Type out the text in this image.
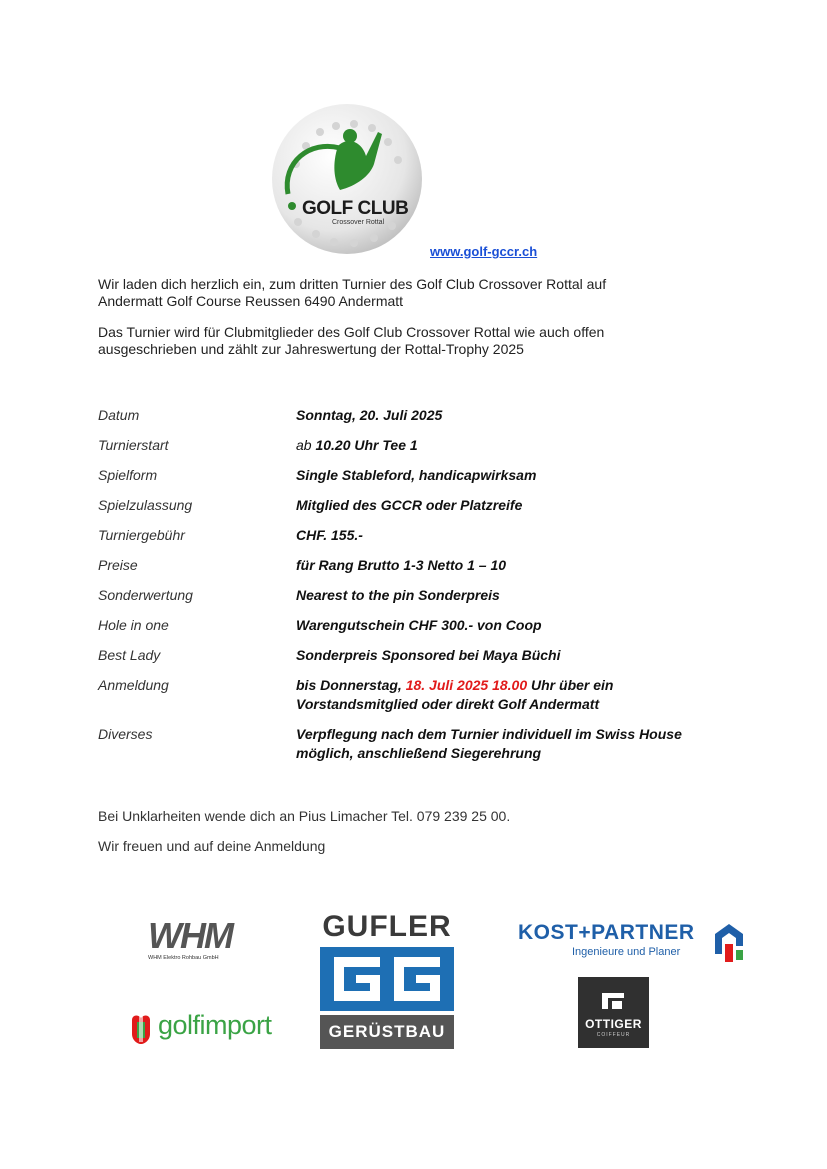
GOLF CLUB
Crossover Rottal
www.golf-gccr.ch
Wir laden dich herzlich ein, zum dritten Turnier des Golf Club Crossover Rottal auf
Andermatt Golf Course Reussen 6490 Andermatt
Das Turnier wird für Clubmitglieder des Golf Club Crossover Rottal wie auch offen
ausgeschrieben und zählt zur Jahreswertung der Rottal-Trophy 2025
Datum	Sonntag, 20. Juli 2025
Turnierstart	ab 10.20 Uhr Tee 1
Spielform	Single Stableford, handicapwirksam
Spielzulassung	Mitglied des GCCR oder Platzreife
Turniergebühr	CHF. 155.-
Preise	für Rang Brutto 1-3 Netto 1 – 10
Sonderwertung	Nearest to the pin Sonderpreis
Hole in one	Warengutschein CHF 300.- von Coop
Best Lady	Sonderpreis Sponsored bei Maya Büchi
Anmeldung	bis Donnerstag, 18. Juli 2025 18.00 Uhr über ein
Vorstandsmitglied oder direkt Golf Andermatt
Diverses	Verpflegung nach dem Turnier individuell im Swiss House
möglich, anschließend Siegerehrung
Bei Unklarheiten wende dich an Pius Limacher Tel. 079 239 25 00.
Wir freuen und auf deine Anmeldung
WHM
WHM Elektro Rohbau GmbH
GUFLER
GERÜSTBAU
KOST+PARTNER
Ingenieure und Planer
golfimport	OTTIGER
COIFFEUR
